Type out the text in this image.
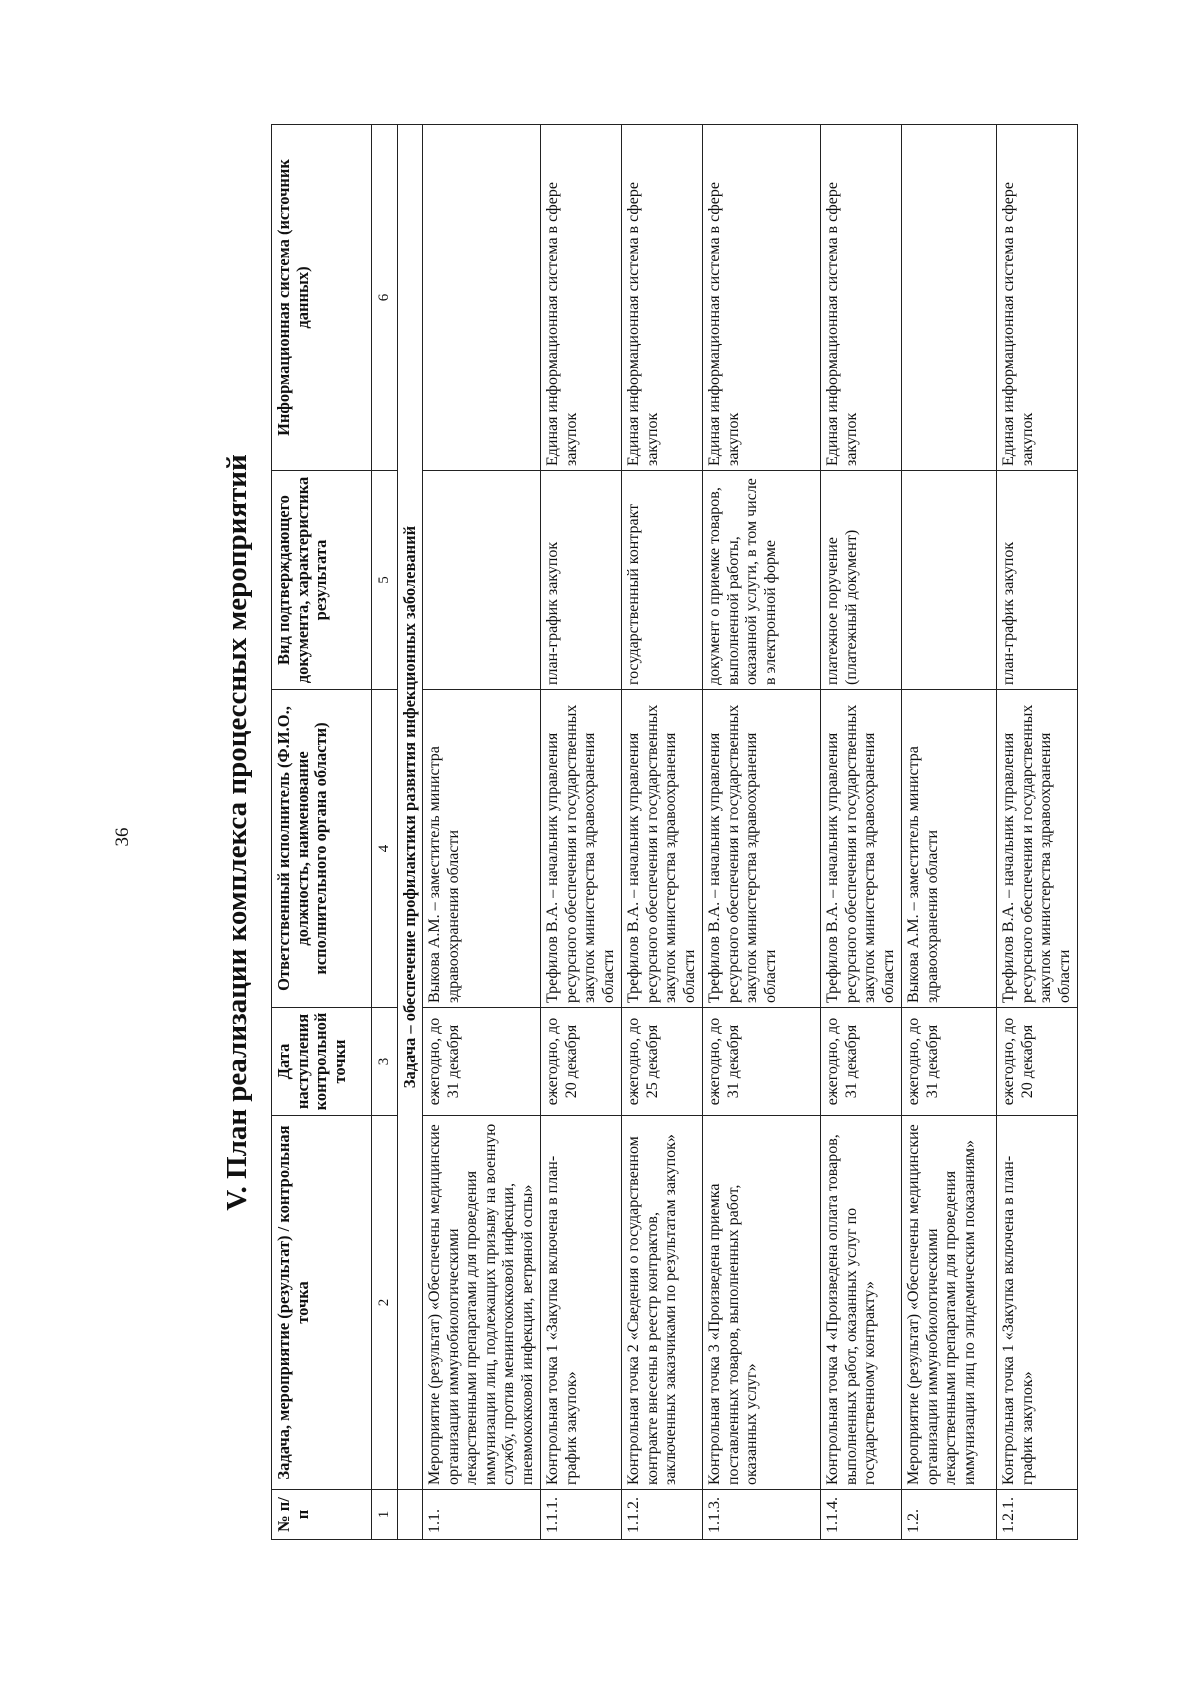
36	V. План реализации комплекса процессных мероприятий
№ п/п	Задача, мероприятие (результат) / контрольная точка	Дата наступления контрольной точки	Ответственный исполнитель (Ф.И.О., должность, наименование исполнительного органа области)	Вид подтверждающего документа, характеристика результата	Информационная система (источник данных)
1	2	3	4	5	6
	Задача – обеспечение профилактики развития инфекционных заболеваний				
1.1.	Мероприятие (результат) «Обеспечены медицинские организации иммунобиологическими лекарственными препаратами для проведения иммунизации лиц, подлежащих призыву на военную службу, против менингококковой инфекции, пневмококковой инфекции, ветряной оспы»	ежегодно, до 31 декабря	Выкова А.М. – заместитель министра здравоохранения области		
1.1.1.	Контрольная точка 1 «Закупка включена в план-график закупок»	ежегодно, до 20 декабря	Трефилов В.А. – начальник управления ресурсного обеспечения и государственных закупок министерства здравоохранения области	план-график закупок	Единая информационная система в сфере закупок
1.1.2.	Контрольная точка 2 «Сведения о государственном контракте внесены в реестр контрактов, заключенных заказчиками по результатам закупок»	ежегодно, до 25 декабря	Трефилов В.А. – начальник управления ресурсного обеспечения и государственных закупок министерства здравоохранения области	государственный контракт	Единая информационная система в сфере закупок
1.1.3.	Контрольная точка 3 «Произведена приемка поставленных товаров, выполненных работ, оказанных услуг»	ежегодно, до 31 декабря	Трефилов В.А. – начальник управления ресурсного обеспечения и государственных закупок министерства здравоохранения области	документ о приемке товаров, выполненной работы, оказанной услуги, в том числе в электронной форме	Единая информационная система в сфере закупок
1.1.4.	Контрольная точка 4 «Произведена оплата товаров, выполненных работ, оказанных услуг по государственному контракту»	ежегодно, до 31 декабря	Трефилов В.А. – начальник управления ресурсного обеспечения и государственных закупок министерства здравоохранения области	платежное поручение (платежный документ)	Единая информационная система в сфере закупок
1.2.	Мероприятие (результат) «Обеспечены медицинские организации иммунобиологическими лекарственными препаратами для проведения иммунизации лиц по эпидемическим показаниям»	ежегодно, до 31 декабря	Выкова А.М. – заместитель министра здравоохранения области		
1.2.1.	Контрольная точка 1 «Закупка включена в план-график закупок»	ежегодно, до 20 декабря	Трефилов В.А. – начальник управления ресурсного обеспечения и государственных закупок министерства здравоохранения области	план-график закупок	Единая информационная система в сфере закупок
